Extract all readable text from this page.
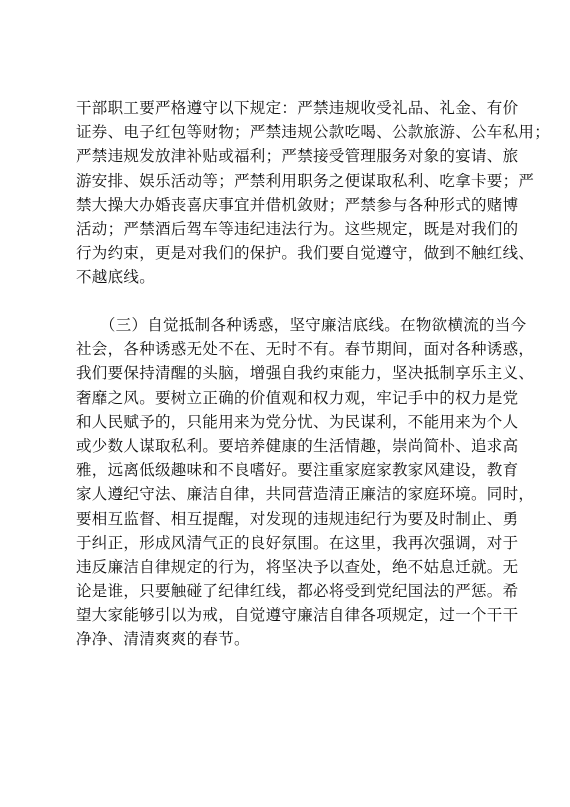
干部职工要严格遵守以下规定：严禁违规收受礼品、礼金、有价
证券、电子红包等财物；严禁违规公款吃喝、公款旅游、公车私用；
严禁违规发放津补贴或福利；严禁接受管理服务对象的宴请、旅
游安排、娱乐活动等；严禁利用职务之便谋取私利、吃拿卡要；严
禁大操大办婚丧喜庆事宜并借机敛财；严禁参与各种形式的赌博
活动；严禁酒后驾车等违纪违法行为。这些规定，既是对我们的
行为约束，更是对我们的保护。我们要自觉遵守，做到不触红线、
不越底线。
　　（三）自觉抵制各种诱惑，坚守廉洁底线。在物欲横流的当今
社会，各种诱惑无处不在、无时不有。春节期间，面对各种诱惑，
我们要保持清醒的头脑，增强自我约束能力，坚决抵制享乐主义、
奢靡之风。要树立正确的价值观和权力观，牢记手中的权力是党
和人民赋予的，只能用来为党分忧、为民谋利，不能用来为个人
或少数人谋取私利。要培养健康的生活情趣，崇尚简朴、追求高
雅，远离低级趣味和不良嗜好。要注重家庭家教家风建设，教育
家人遵纪守法、廉洁自律，共同营造清正廉洁的家庭环境。同时，
要相互监督、相互提醒，对发现的违规违纪行为要及时制止、勇
于纠正，形成风清气正的良好氛围。在这里，我再次强调，对于
违反廉洁自律规定的行为，将坚决予以查处，绝不姑息迁就。无
论是谁，只要触碰了纪律红线，都必将受到党纪国法的严惩。希
望大家能够引以为戒，自觉遵守廉洁自律各项规定，过一个干干
净净、清清爽爽的春节。
